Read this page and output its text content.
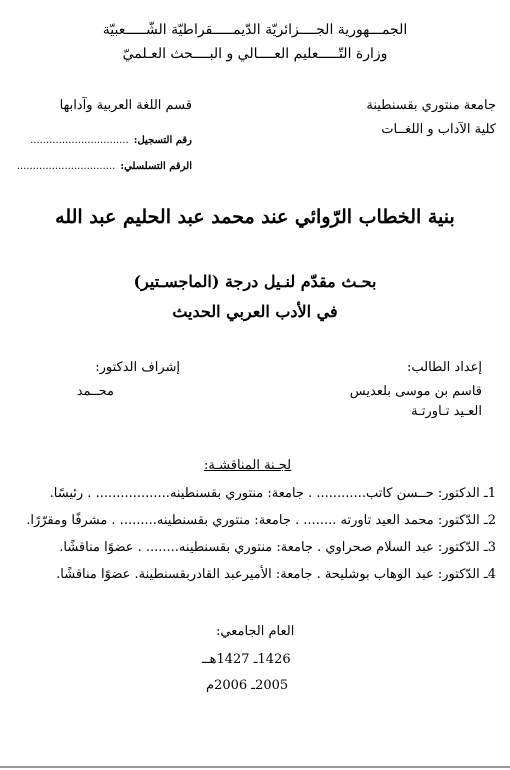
الجمـــهورية الجــــزائريّة الدّيمـــــقراطيّة الشّـــــعبيّة
وزارة التّـــــعليم العــــالي و البــــحث العـلميّ
جامعة منتوري بقسنطينة
كلية الآداب و اللغــات
قسم اللغة العربية وآدابها
رقم التسجيل: ...............................
الرقم التسلسلي: ...............................
بنية الخطاب الرّوائي عند محمد عبد الحليم عبد الله
بحـث مقدّم لنـيل درجة (الماجسـتير)
في الأدب العربي الحديث
إعداد الطالب:
قاسم بن موسى بلعديس
العـيد تـاورتـة
إشراف الدكتور:
محــمد
لجـنة المناقشـة:
1ـ الدكتور: حــسن كاتب............ . جامعة: منتوري بقسنطينه.................. . رئيسًا.
2ـ الدّكتور: محمد العيد تاورته ........ . جامعة: منتوري بقسنطينه......... . مشرفًا ومقرّرًا.
3ـ الدّكتور: عبد السلام صحراوي . جامعة: منتوري بقسنطينه........ . عضوًا مناقشًا.
4ـ الدّكتور: عبد الوهاب بوشليحة . جامعة: الأميرعبد القادربقسنطينة. عضوًا مناقشًا.
العام الجامعي:
1426ـ 1427هــ
2005ـ 2006م
